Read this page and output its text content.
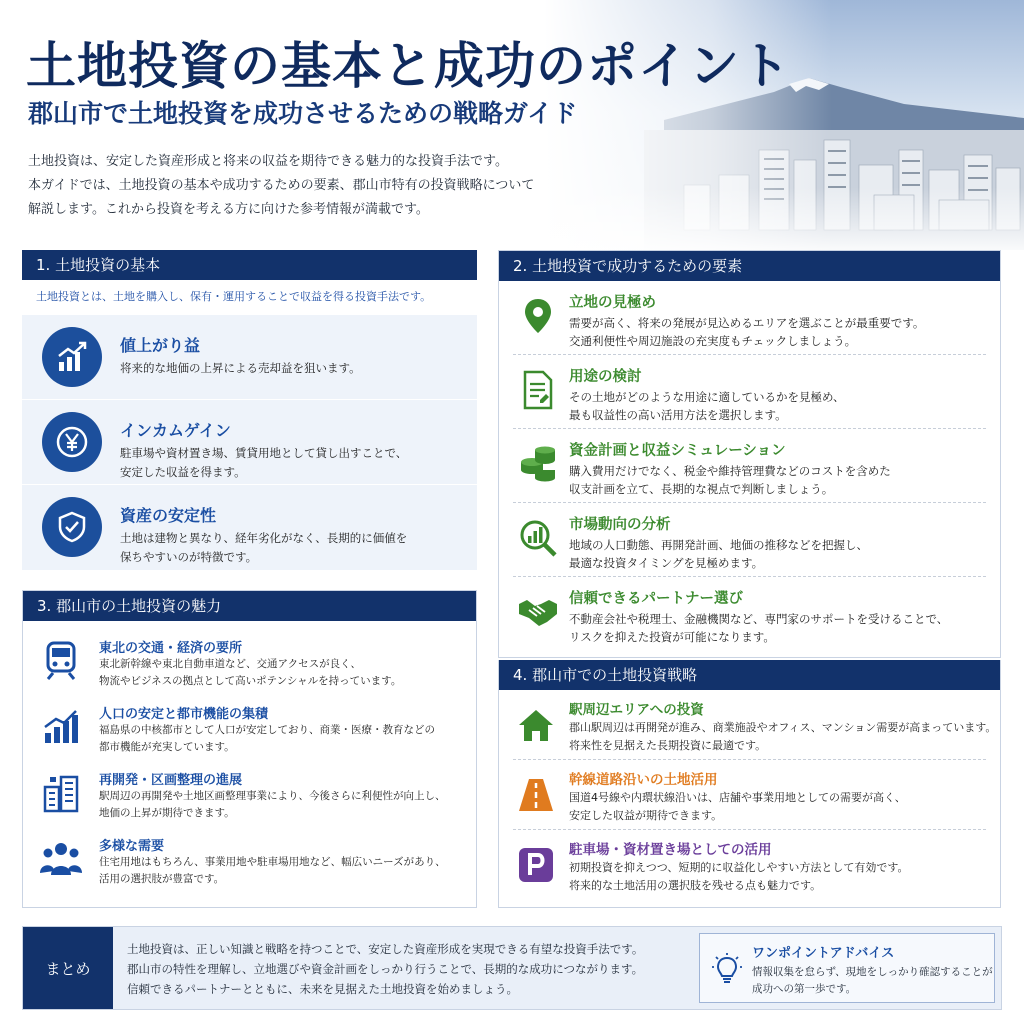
土地投資の基本と成功のポイント
郡山市で土地投資を成功させるための戦略ガイド
土地投資は、安定した資産形成と将来の収益を期待できる魅力的な投資手法です。
本ガイドでは、土地投資の基本や成功するための要素、郡山市特有の投資戦略について
解説します。これから投資を考える方に向けた参考情報が満載です。
1. 土地投資の基本
土地投資とは、土地を購入し、保有・運用することで収益を得る投資手法です。
値上がり益
将来的な地価の上昇による売却益を狙います。
インカムゲイン
駐車場や資材置き場、賃貸用地として貸し出すことで、
安定した収益を得ます。
資産の安定性
土地は建物と異なり、経年劣化がなく、長期的に価値を
保ちやすいのが特徴です。
2. 土地投資で成功するための要素
立地の見極め
需要が高く、将来の発展が見込めるエリアを選ぶことが最重要です。
交通利便性や周辺施設の充実度もチェックしましょう。
用途の検討
その土地がどのような用途に適しているかを見極め、
最も収益性の高い活用方法を選択します。
資金計画と収益シミュレーション
購入費用だけでなく、税金や維持管理費などのコストを含めた
収支計画を立て、長期的な視点で判断しましょう。
市場動向の分析
地域の人口動態、再開発計画、地価の推移などを把握し、
最適な投資タイミングを見極めます。
信頼できるパートナー選び
不動産会社や税理士、金融機関など、専門家のサポートを受けることで、
リスクを抑えた投資が可能になります。
3. 郡山市の土地投資の魅力
東北の交通・経済の要所
東北新幹線や東北自動車道など、交通アクセスが良く、
物流やビジネスの拠点として高いポテンシャルを持っています。
人口の安定と都市機能の集積
福島県の中核都市として人口が安定しており、商業・医療・教育などの
都市機能が充実しています。
再開発・区画整理の進展
駅周辺の再開発や土地区画整理事業により、今後さらに利便性が向上し、
地価の上昇が期待できます。
多様な需要
住宅用地はもちろん、事業用地や駐車場用地など、幅広いニーズがあり、
活用の選択肢が豊富です。
4. 郡山市での土地投資戦略
駅周辺エリアへの投資
郡山駅周辺は再開発が進み、商業施設やオフィス、マンション需要が高まっています。
将来性を見据えた長期投資に最適です。
幹線道路沿いの土地活用
国道4号線や内環状線沿いは、店舗や事業用地としての需要が高く、
安定した収益が期待できます。
駐車場・資材置き場としての活用
初期投資を抑えつつ、短期的に収益化しやすい方法として有効です。
将来的な土地活用の選択肢を残せる点も魅力です。
まとめ
土地投資は、正しい知識と戦略を持つことで、安定した資産形成を実現できる有望な投資手法です。
郡山市の特性を理解し、立地選びや資金計画をしっかり行うことで、長期的な成功につながります。
信頼できるパートナーとともに、未来を見据えた土地投資を始めましょう。
ワンポイントアドバイス
情報収集を怠らず、現地をしっかり確認することが
成功への第一歩です。
